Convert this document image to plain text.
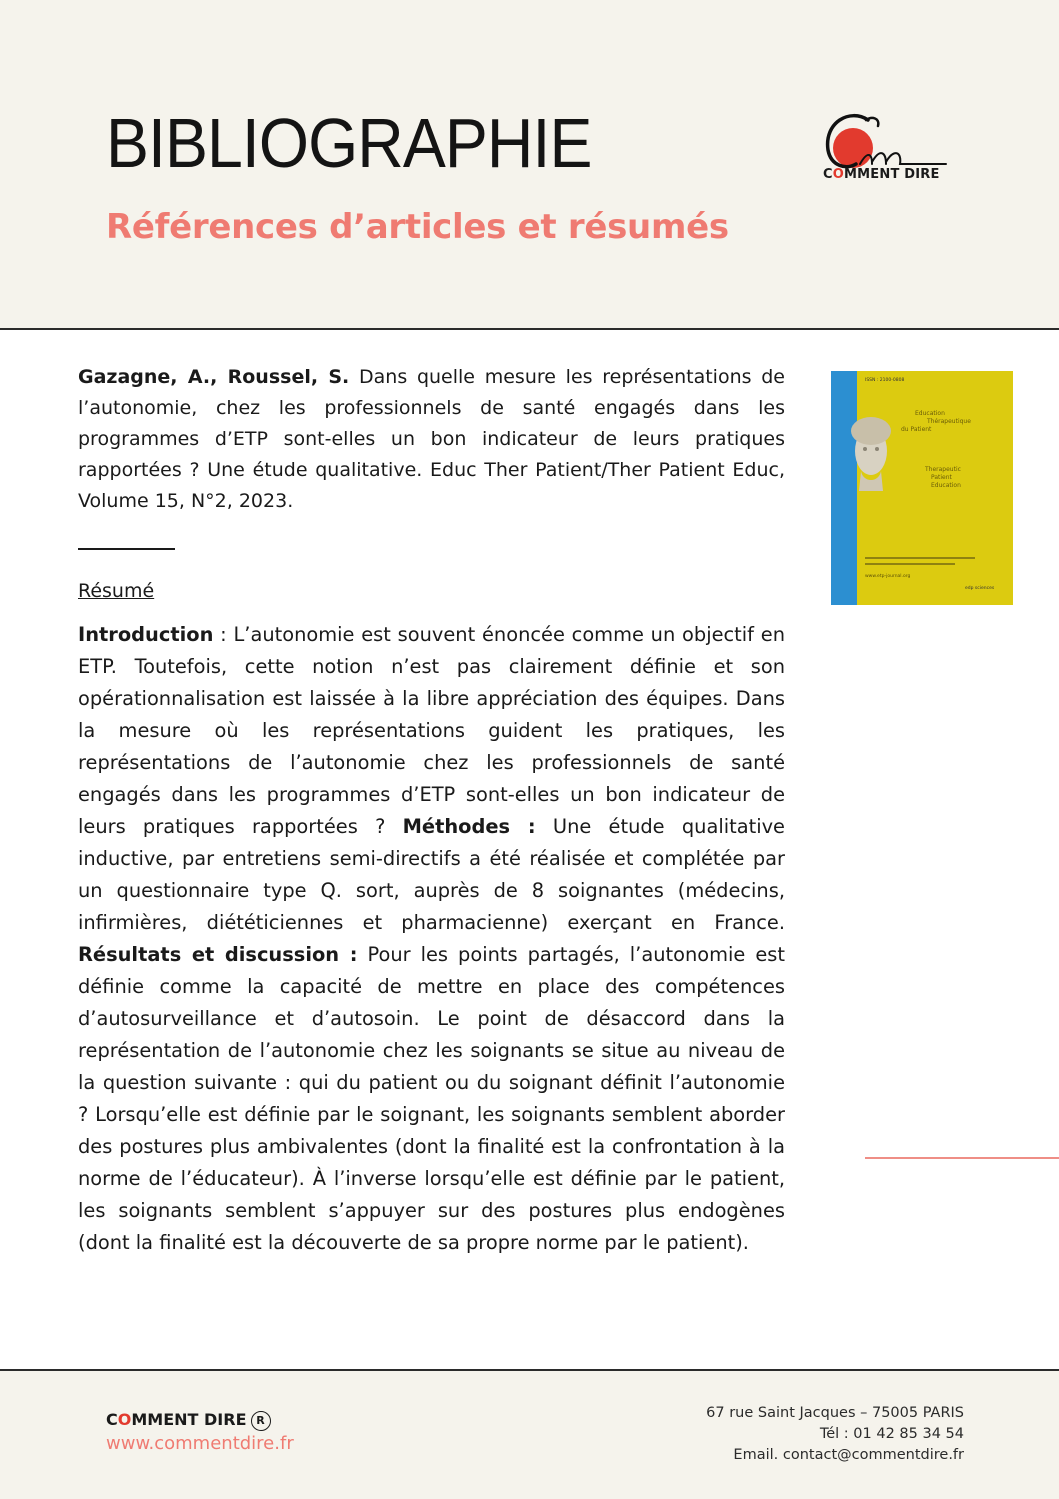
BIBLIOGRAPHIE
Références d’articles et résumés
COMMENT DIRE

Gazagne, A., Roussel, S. Dans quelle mesure les représentations de l’autonomie, chez les professionnels de santé engagés dans les programmes d’ETP sont-elles un bon indicateur de leurs pratiques rapportées ? Une étude qualitative. Educ Ther Patient/Ther Patient Educ, Volume 15, N°2, 2023.

Résumé

Introduction : L’autonomie est souvent énoncée comme un objectif en ETP. Toutefois, cette notion n’est pas clairement définie et son opérationnalisation est laissée à la libre appréciation des équipes. Dans la mesure où les représentations guident les pratiques, les représentations de l’autonomie chez les professionnels de santé engagés dans les programmes d’ETP sont-elles un bon indicateur de leurs pratiques rapportées ? Méthodes : Une étude qualitative inductive, par entretiens semi-directifs a été réalisée et complétée par un questionnaire type Q. sort, auprès de 8 soignantes (médecins, infirmières, diététiciennes et pharmacienne) exerçant en France. Résultats et discussion : Pour les points partagés, l’autonomie est définie comme la capacité de mettre en place des compétences d’autosurveillance et d’autosoin. Le point de désaccord dans la représentation de l’autonomie chez les soignants se situe au niveau de la question suivante : qui du patient ou du soignant définit l’autonomie ? Lorsqu’elle est définie par le soignant, les soignants semblent aborder des postures plus ambivalentes (dont la finalité est la confrontation à la norme de l’éducateur). À l’inverse lorsqu’elle est définie par le patient, les soignants semblent s’appuyer sur des postures plus endogènes (dont la finalité est la découverte de sa propre norme par le patient).

ISSN : 2100-0808
Education
Thérapeutique
du Patient
Therapeutic
Patient
Education
www.etp-journal.org
edp sciences
COMMENT DIRE R
www.commentdire.fr
67 rue Saint Jacques – 75005 PARIS
Tél : 01 42 85 34 54
Email. contact@commentdire.fr
